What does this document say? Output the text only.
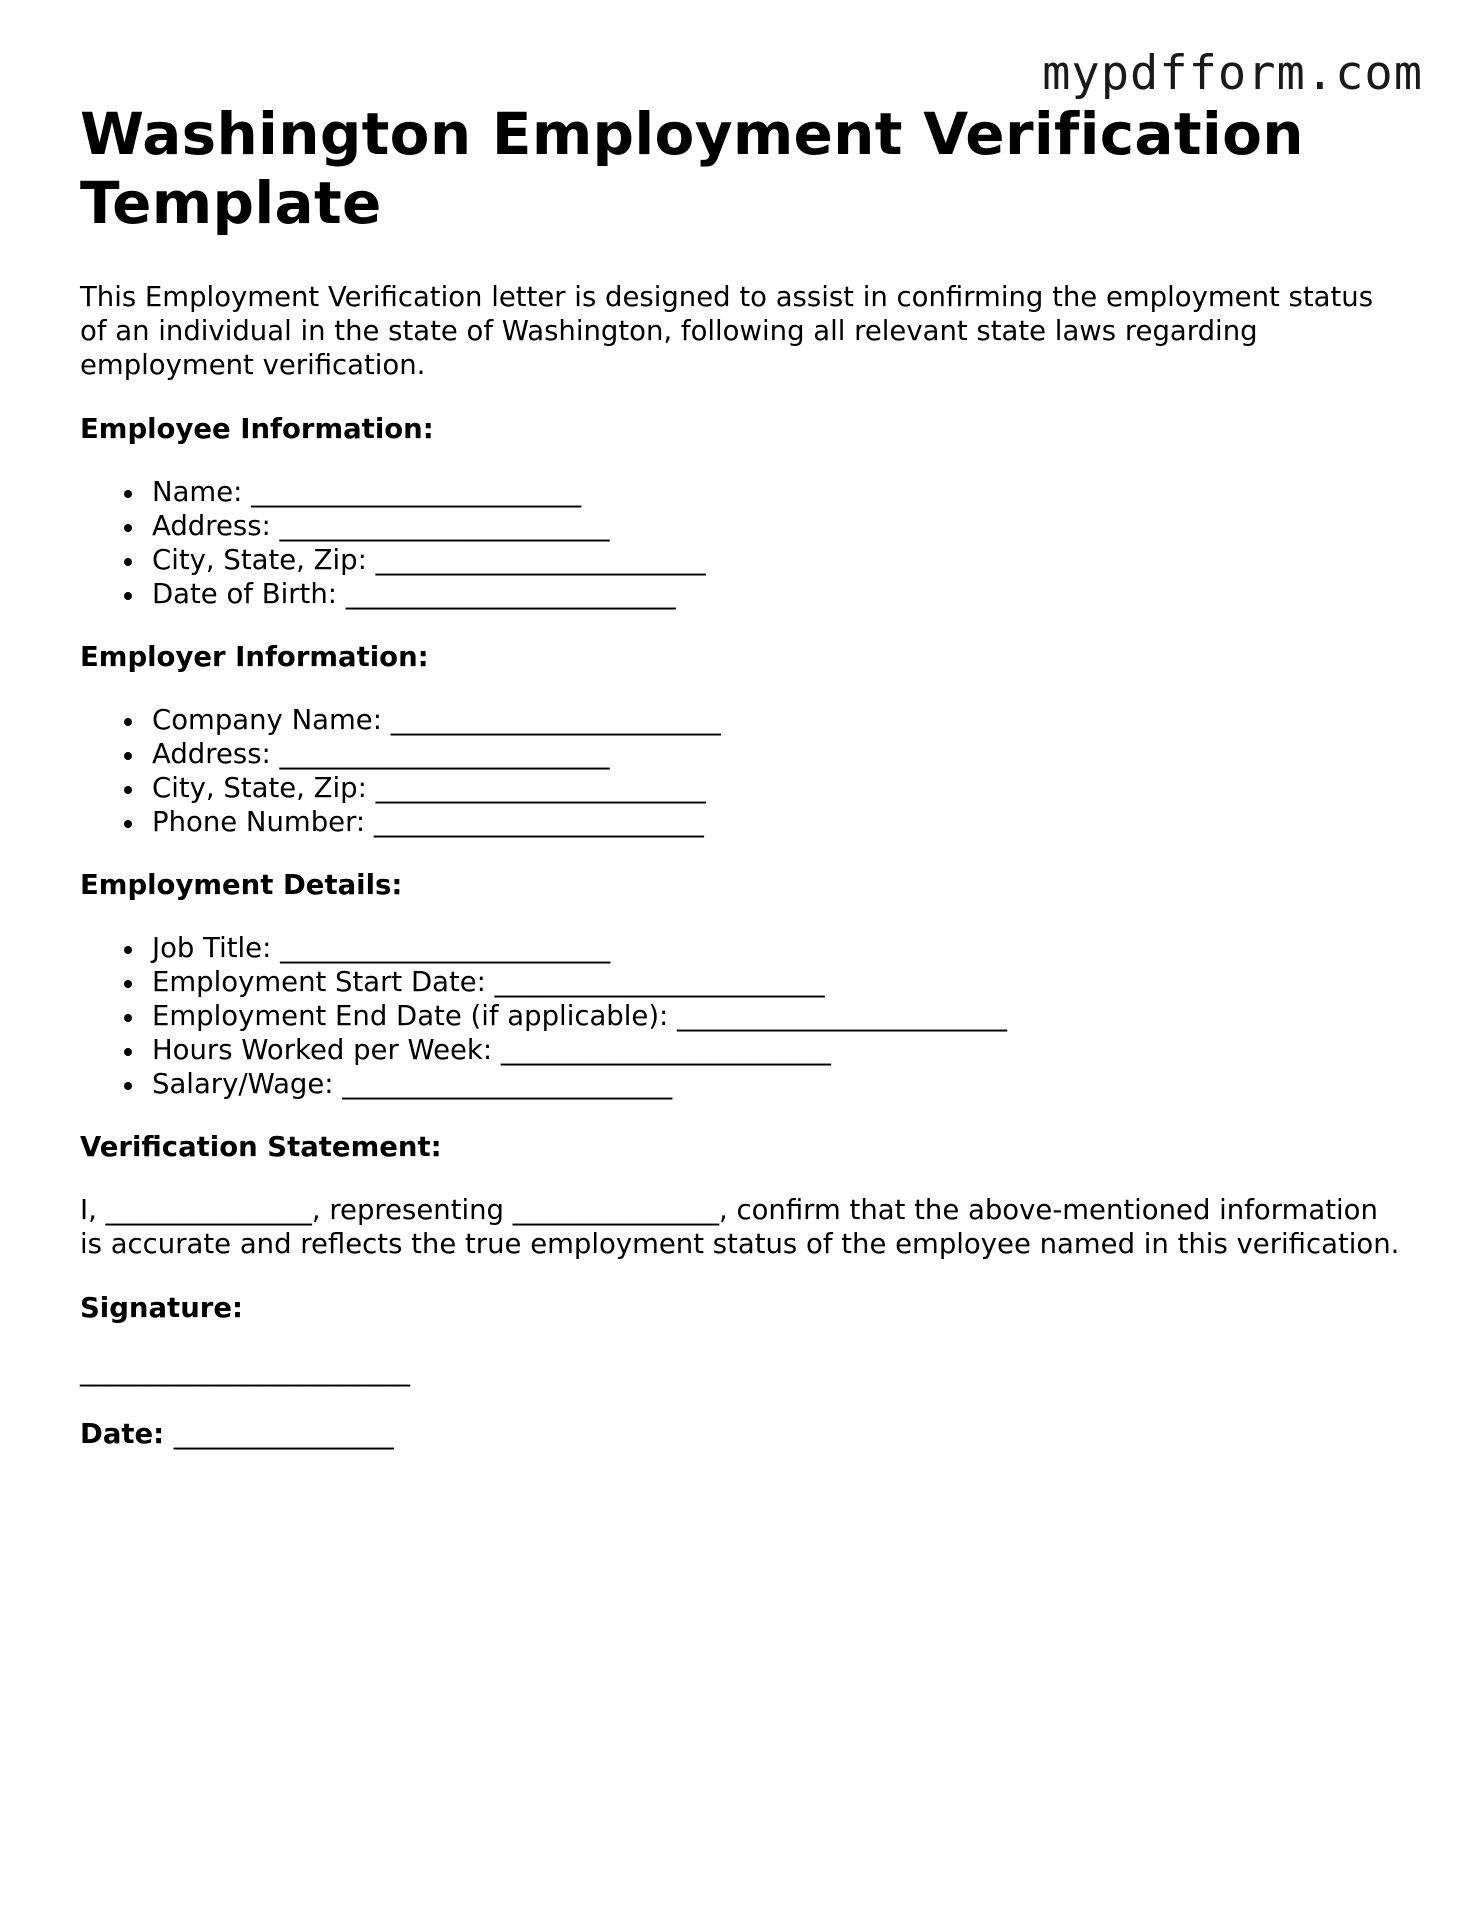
mypdfform.com
Washington Employment Verification Template

This Employment Verification letter is designed to assist in confirming the employment status of an individual in the state of Washington, following all relevant state laws regarding employment verification.

Employee Information:
Name: ________________________
Address: ________________________
City, State, Zip: ________________________
Date of Birth: ________________________
Employer Information:
Company Name: ________________________
Address: ________________________
City, State, Zip: ________________________
Phone Number: ________________________
Employment Details:
Job Title: ________________________
Employment Start Date: ________________________
Employment End Date (if applicable): ________________________
Hours Worked per Week: ________________________
Salary/Wage: ________________________
Verification Statement:

I, _______________, representing _______________, confirm that the above-mentioned information is accurate and reflects the true employment status of the employee named in this verification.

Signature:
________________________
Date: ________________
